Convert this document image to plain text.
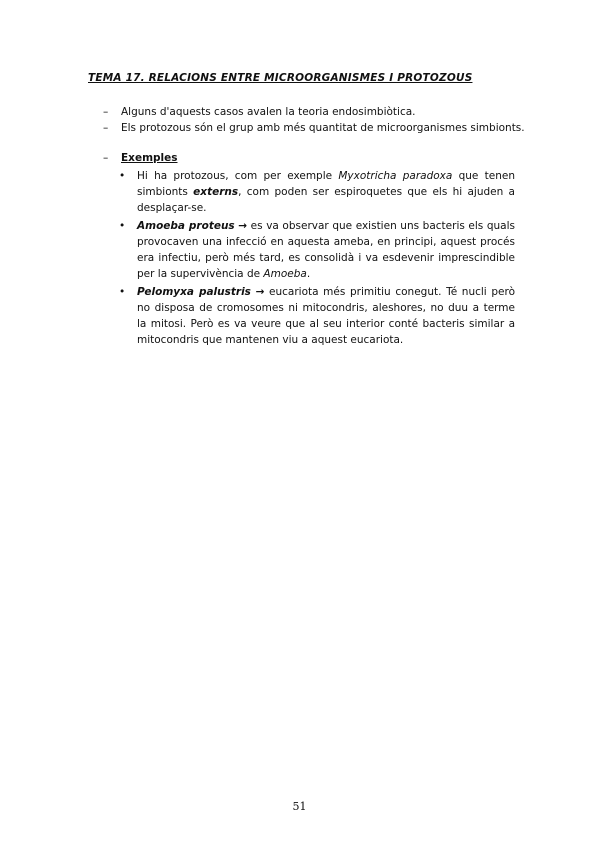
TEMA 17. RELACIONS ENTRE MICROORGANISMES I PROTOZOUS
– Alguns d'aquests casos avalen la teoria endosimbiòtica.
– Els protozous són el grup amb més quantitat de microorganismes simbionts.
– Exemples
• Hi ha protozous, com per exemple Myxotricha paradoxa que tenen simbionts externs, com poden ser espiroquetes que els hi ajuden a desplaçar-se.
• Amoeba proteus → es va observar que existien uns bacteris els quals provocaven una infecció en aquesta ameba, en principi, aquest procés era infectiu, però més tard, es consolidà i va esdevenir imprescindible per la supervivència de Amoeba.
• Pelomyxa palustris → eucariota més primitiu conegut. Té nucli però no disposa de cromosomes ni mitocondris, aleshores, no duu a terme la mitosi. Però es va veure que al seu interior conté bacteris similar a mitocondris que mantenen viu a aquest eucariota.
51
